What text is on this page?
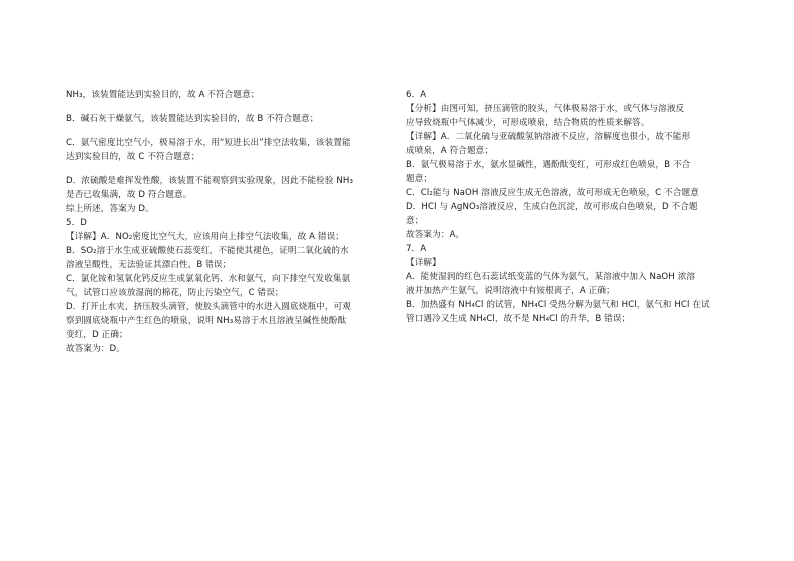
NH₃，该装置能达到实验目的，故 A 不符合题意；
B．碱石灰干燥氨气，该装置能达到实验目的，故 B 不符合题意；
C．氨气密度比空气小，极易溶于水，用“短进长出”排空法收集，该装置能
达到实验目的，故 C 不符合题意；
D．浓硫酸是难挥发性酸，该装置不能观察到实验现象，因此不能检验 NH₃
是否已收集满，故 D 符合题意。
综上所述，答案为 D。
5．D
【详解】A．NO₂密度比空气大，应该用向上排空气法收集，故 A 错误；
B．SO₂溶于水生成亚硫酸使石蕊变红，不能使其褪色，证明二氧化硫的水
溶液呈酸性，无法验证其漂白性，B 错误；
C．氯化铵和氢氧化钙反应生成氯氧化钙、水和氨气，向下排空气发收集氨
气，试管口应该放湿润的棉花，防止污染空气，C 错误；
D．打开止水夹，挤压胶头滴管，使胶头滴管中的水进入圆底烧瓶中，可观
察到圆底烧瓶中产生红色的喷泉，说明 NH₃易溶于水且溶液呈碱性使酚酞
变红，D 正确；
故答案为：D。
6．A
【分析】由图可知，挤压滴管的胶头，气体极易溶于水，或气体与溶液反
应导致烧瓶中气体减少，可形成喷泉，结合物质的性质来解答。
【详解】A．二氧化硫与亚硫酸氢钠溶液不反应，溶解度也很小，故不能形
成喷泉，A 符合题意；
B．氨气极易溶于水，氨水显碱性，遇酚酞变红，可形成红色喷泉，B 不合
题意；
C．Cl₂能与 NaOH 溶液反应生成无色溶液，故可形成无色喷泉，C 不合题意
D．HCl 与 AgNO₃溶液反应，生成白色沉淀，故可形成白色喷泉，D 不合题
意；
故答案为：A。
7．A
【详解】
A．能使湿润的红色石蕊试纸变蓝的气体为氨气，某溶液中加入 NaOH 浓溶
液并加热产生氨气，说明溶液中有铵根离子，A 正确；
B．加热盛有 NH₄Cl 的试管，NH₄Cl 受热分解为氨气和 HCl，氨气和 HCl 在试
管口遇冷又生成 NH₄Cl，故不是 NH₄Cl 的升华，B 错误；
